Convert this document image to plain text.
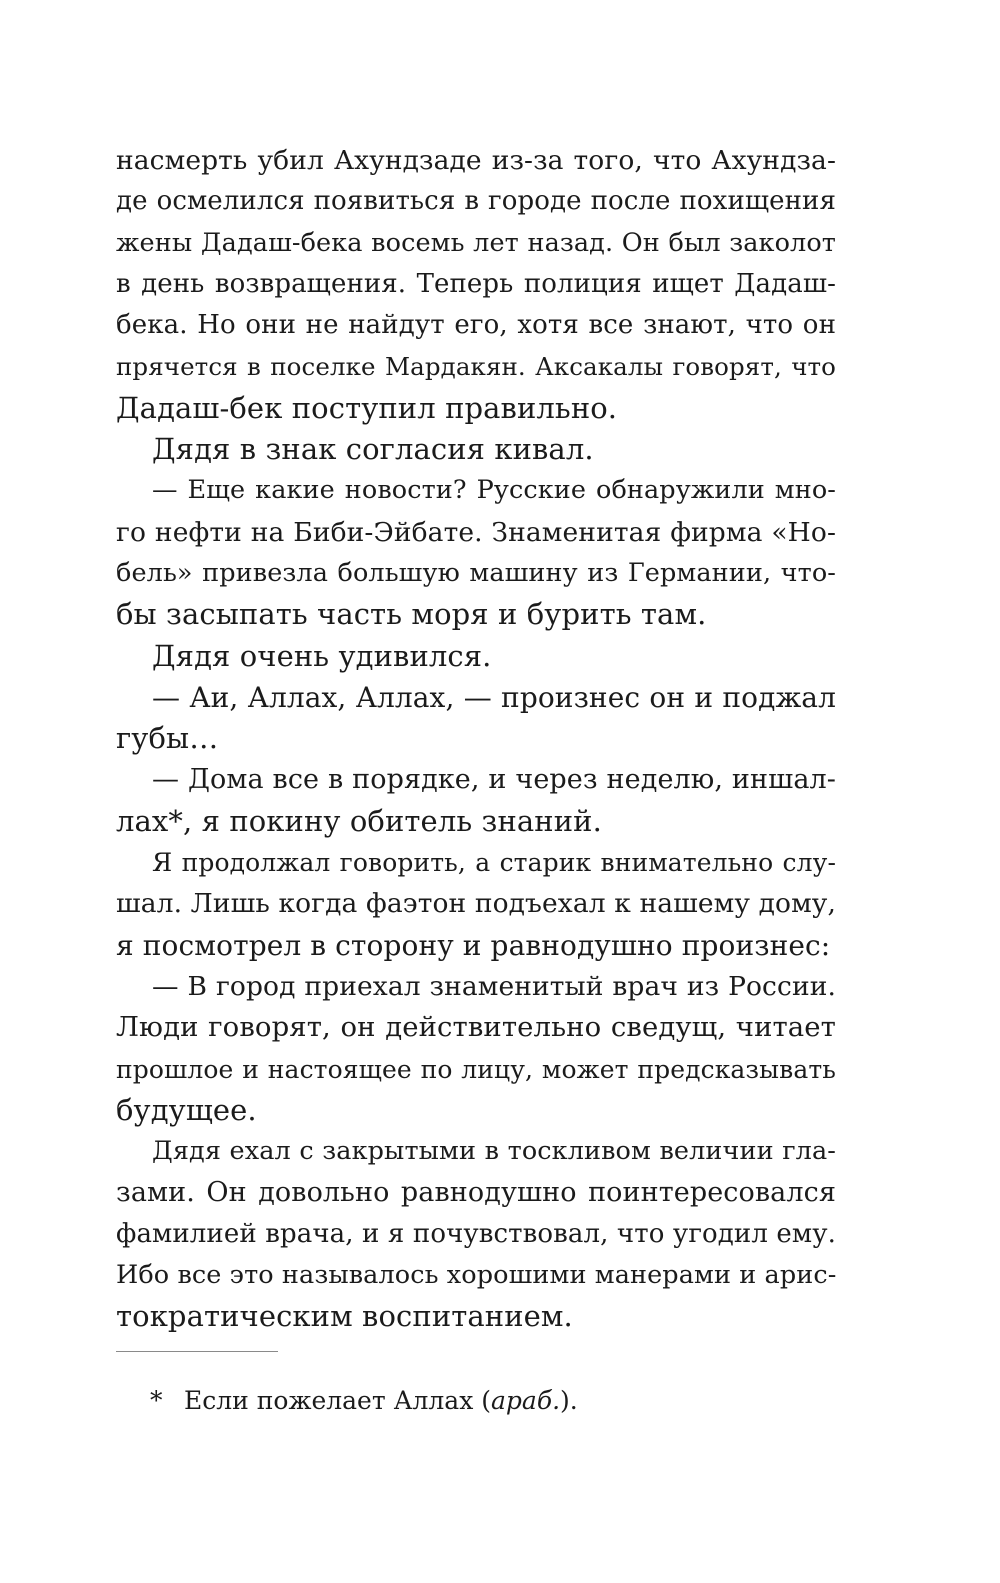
насмерть убил Ахундзаде из-за того, что Ахундза-
де осмелился появиться в городе после похищения
жены Дадаш-бека восемь лет назад. Он был заколот
в день возвращения. Теперь полиция ищет Дадаш-
бека. Но они не найдут его, хотя все знают, что он
прячется в поселке Мардакян. Аксакалы говорят, что
Дадаш-бек поступил правильно.
Дядя в знак согласия кивал.
— Еще какие новости? Русские обнаружили мно-
го нефти на Биби-Эйбате. Знаменитая фирма «Но-
бель» привезла большую машину из Германии, что-
бы засыпать часть моря и бурить там.
Дядя очень удивился.
— Аи, Аллах, Аллах, — произнес он и поджал
губы…
— Дома все в порядке, и через неделю, иншал-
лах*, я покину обитель знаний.
Я продолжал говорить, а старик внимательно слу-
шал. Лишь когда фаэтон подъехал к нашему дому,
я посмотрел в сторону и равнодушно произнес:
— В город приехал знаменитый врач из России.
Люди говорят, он действительно сведущ, читает
прошлое и настоящее по лицу, может предсказывать
будущее.
Дядя ехал с закрытыми в тоскливом величии гла-
зами. Он довольно равнодушно поинтересовался
фамилией врача, и я почувствовал, что угодил ему.
Ибо все это называлось хорошими манерами и арис-
тократическим воспитанием.
* Если пожелает Аллах (араб.).
